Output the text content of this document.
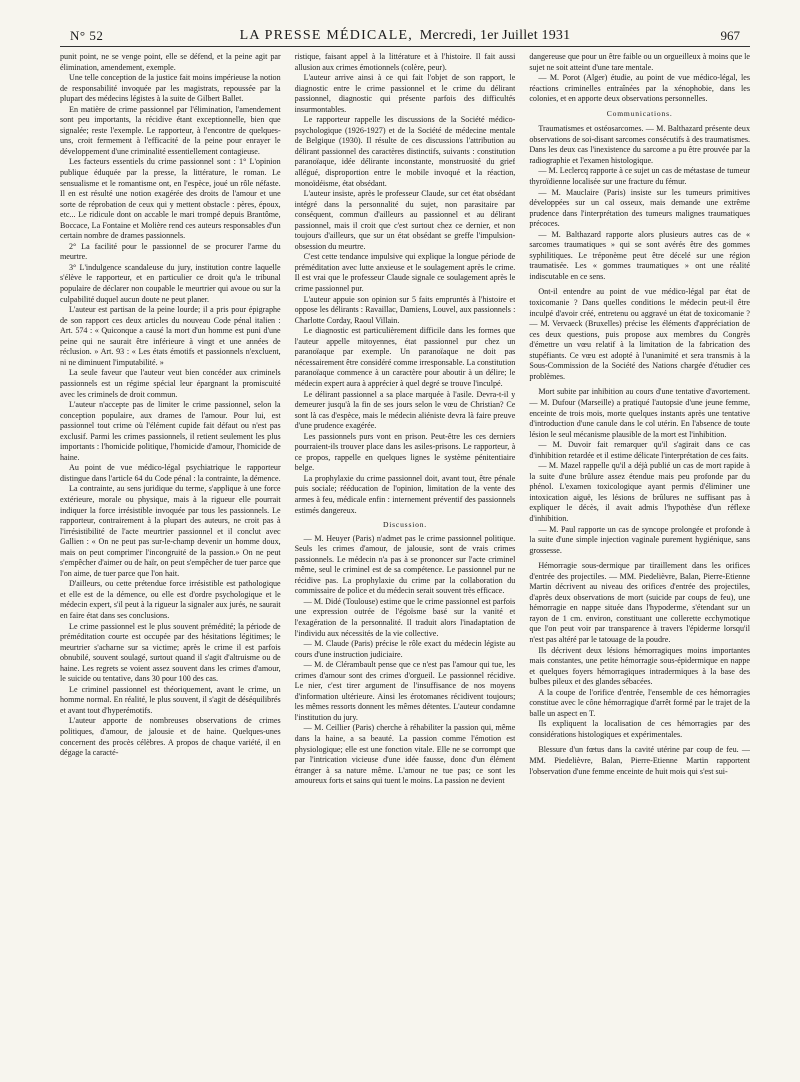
N° 52	LA PRESSE MÉDICALE, Mercredi, 1er Juillet 1931	967

punit point, ne se venge point, elle se défend, et la peine agit par élimination, amendement, exemple.

Une telle conception de la justice fait moins impérieuse la notion de responsabilité invoquée par les magistrats, repoussée par la plupart des médecins légistes à la suite de Gilbert Ballet.

En matière de crime passionnel par l'élimination, l'amendement sont peu importants, la récidive étant exceptionnelle, bien que signalée; reste l'exemple. Le rapporteur, à l'encontre de quelques-uns, croit fermement à l'efficacité de la peine pour enrayer le développement d'une criminalité essentiellement contagieuse.

Les facteurs essentiels du crime passionnel sont : 1° L'opinion publique éduquée par la presse, la littérature, le roman. Le sensualisme et le romantisme ont, en l'espèce, joué un rôle néfaste. Il en est résulté une notion exagérée des droits de l'amour et une sorte de réprobation de ceux qui y mettent obstacle : pères, époux, etc... Le ridicule dont on accable le mari trompé depuis Brantôme, Boccace, La Fontaine et Molière rend ces auteurs responsables d'un certain nombre de drames passionnels.

2° La facilité pour le passionnel de se procurer l'arme du meurtre.

3° L'indulgence scandaleuse du jury, institution contre laquelle s'élève le rapporteur, et en particulier ce droit qu'a le tribunal populaire de déclarer non coupable le meurtrier qui avoue ou sur la culpabilité duquel aucun doute ne peut planer.

L'auteur est partisan de la peine lourde; il a pris pour épigraphe de son rapport ces deux articles du nouveau Code pénal italien : Art. 574 : « Quiconque a causé la mort d'un homme est puni d'une peine qui ne saurait être inférieure à vingt et une années de réclusion. » Art. 93 : « Les états émotifs et passionnels n'excluent, ni ne diminuent l'imputabilité. »

La seule faveur que l'auteur veut bien concéder aux criminels passionnels est un régime spécial leur épargnant la promiscuité avec les criminels de droit commun.

L'auteur n'accepte pas de limiter le crime passionnel, selon la conception populaire, aux drames de l'amour. Pour lui, est passionnel tout crime où l'élément cupide fait défaut ou n'est pas exclusif. Parmi les crimes passionnels, il retient seulement les plus importants : l'homicide politique, l'homicide d'amour, l'homicide de haine.

Au point de vue médico-légal psychiatrique le rapporteur distingue dans l'article 64 du Code pénal : la contrainte, la démence.

La contrainte, au sens juridique du terme, s'applique à une force extérieure, morale ou physique, mais à la rigueur elle pourrait indiquer la force irrésistible invoquée par tous les passionnels. Le rapporteur, contrairement à la plupart des auteurs, ne croit pas à l'irrésistibilité de l'acte meurtrier passionnel et il conclut avec Gallien : « On ne peut pas sur-le-champ devenir un homme doux, mais on peut comprimer l'incongruité de la passion.» On ne peut s'empêcher d'aimer ou de haïr, on peut s'empêcher de tuer parce que l'on aime, de tuer parce que l'on hait.

D'ailleurs, ou cette prétendue force irrésistible est pathologique et elle est de la démence, ou elle est d'ordre psychologique et le médecin expert, s'il peut à la rigueur la signaler aux jurés, ne saurait en faire état dans ses conclusions.

Le crime passionnel est le plus souvent prémédité; la période de préméditation courte est occupée par des hésitations légitimes; le meurtrier s'acharne sur sa victime; après le crime il est parfois obnubilé, souvent soulagé, surtout quand il s'agit d'altruisme ou de haine. Les regrets se voient assez souvent dans les crimes d'amour, le suicide ou tentative, dans 30 pour 100 des cas.

Le criminel passionnel est théoriquement, avant le crime, un homme normal. En réalité, le plus souvent, il s'agit de déséquilibrés et avant tout d'hyperémotifs.

L'auteur apporte de nombreuses observations de crimes politiques, d'amour, de jalousie et de haine. Quelques-unes concernent des procès célèbres. A propos de chaque variété, il en dégage la caracté-

ristique, faisant appel à la littérature et à l'histoire. Il fait aussi allusion aux crimes émotionnels (colère, peur).

L'auteur arrive ainsi à ce qui fait l'objet de son rapport, le diagnostic entre le crime passionnel et le crime du délirant passionnel, diagnostic qui présente parfois des difficultés insurmontables.

Le rapporteur rappelle les discussions de la Société médico-psychologique (1926-1927) et de la Société de médecine mentale de Belgique (1930). Il résulte de ces discussions l'attribution au délirant passionnel des caractères distinctifs, suivants : constitution paranoïaque, idée délirante inconstante, monstruosité du grief allégué, disproportion entre le mobile invoqué et la réaction, monoïdéisme, état obsédant.

L'auteur insiste, après le professeur Claude, sur cet état obsédant intégré dans la personnalité du sujet, non parasitaire par conséquent, commun d'ailleurs au passionnel et au délirant passionnel, mais il croit que c'est surtout chez ce dernier, et non toujours d'ailleurs, que sur un état obsédant se greffe l'impulsion-obsession du meurtre.

C'est cette tendance impulsive qui explique la longue période de préméditation avec lutte anxieuse et le soulagement après le crime. Il est vrai que le professeur Claude signale ce soulagement après le crime passionnel pur.

L'auteur appuie son opinion sur 5 faits empruntés à l'histoire et oppose les délirants : Ravaillac, Damiens, Louvel, aux passionnels : Charlotte Corday, Raoul Villain.

Le diagnostic est particulièrement difficile dans les formes que l'auteur appelle mitoyennes, état passionnel pur chez un paranoïaque par exemple. Un paranoïaque ne doit pas nécessairement être considéré comme irresponsable. La constitution paranoïaque commence à un caractère pour aboutir à un délire; le médecin expert aura à apprécier à quel degré se trouve l'inculpé.

Le délirant passionnel a sa place marquée à l'asile. Devra-t-il y demeurer jusqu'à la fin de ses jours selon le vœu de Christian? Ce sont là cas d'espèce, mais le médecin aliéniste devra là faire preuve d'une prudence exagérée.

Les passionnels purs vont en prison. Peut-être les ces derniers pourraient-ils trouver place dans les asiles-prisons. Le rapporteur, à ce propos, rappelle en quelques lignes le système pénitentiaire belge.

La prophylaxie du crime passionnel doit, avant tout, être pénale puis sociale; rééducation de l'opinion, limitation de la vente des armes à feu, médicale enfin : internement préventif des passionnels estimés dangereux.

Discussion.

— M. Heuyer (Paris) n'admet pas le crime passionnel politique. Seuls les crimes d'amour, de jalousie, sont de vrais crimes passionnels. Le médecin n'a pas à se prononcer sur l'acte criminel même, seul le criminel est de sa compétence. Le passionnel pur ne récidive pas. La prophylaxie du crime par la collaboration du commissaire de police et du médecin serait souvent très efficace.

— M. Didé (Toulouse) estime que le crime passionnel est parfois une expression outrée de l'égoïsme basé sur la vanité et l'exagération de la personnalité. Il traduit alors l'inadaptation de l'individu aux nécessités de la vie collective.

— M. Claude (Paris) précise le rôle exact du médecin légiste au cours d'une instruction judiciaire.

— M. de Clérambault pense que ce n'est pas l'amour qui tue, les crimes d'amour sont des crimes d'orgueil. Le passionnel récidive. Le nier, c'est tirer argument de l'insuffisance de nos moyens d'information ultérieure. Ainsi les érotomanes récidivent toujours; les mêmes ressorts donnent les mêmes détentes. L'auteur condamne l'institution du jury.

— M. Ceillier (Paris) cherche à réhabiliter la passion qui, même dans la haine, a sa beauté. La passion comme l'émotion est physiologique; elle est une fonction vitale. Elle ne se corrompt que par l'intrication vicieuse d'une idée fausse, donc d'un élément étranger à sa nature même. L'amour ne tue pas; ce sont les amoureux forts et sains qui tuent le moins. La passion ne devient

dangereuse que pour un être faible ou un orgueilleux à moins que le sujet ne soit atteint d'une tare mentale.

— M. Porot (Alger) étudie, au point de vue médico-légal, les réactions criminelles entraînées par la xénophobie, dans les colonies, et en apporte deux observations personnelles.

Communications.

Traumatismes et ostéosarcomes. — M. Balthazard présente deux observations de soi-disant sarcomes consécutifs à des traumatismes. Dans les deux cas l'inexistence du sarcome a pu être prouvée par la radiographie et l'examen histologique.

— M. Leclercq rapporte à ce sujet un cas de métastase de tumeur thyroïdienne localisée sur une fracture du fémur.

— M. Mauclaire (Paris) insiste sur les tumeurs primitives développées sur un cal osseux, mais demande une extrême prudence dans l'interprétation des tumeurs malignes traumatiques précoces.

— M. Balthazard rapporte alors plusieurs autres cas de « sarcomes traumatiques » qui se sont avérés être des gommes syphilitiques. Le tréponème peut être décelé sur une région traumatisée. Les « gommes traumatiques » ont une réalité indiscutable en ce sens.

Ont-il entendre au point de vue médico-légal par état de toxicomanie ? Dans quelles conditions le médecin peut-il être inculpé d'avoir créé, entretenu ou aggravé un état de toxicomanie ? — M. Vervaeck (Bruxelles) précise les éléments d'appréciation de ces deux questions, puis propose aux membres du Congrès d'émettre un vœu relatif à la limitation de la fabrication des stupéfiants. Ce vœu est adopté à l'unanimité et sera transmis à la Sous-Commission de la Société des Nations chargée d'étudier ces problèmes.

Mort subite par inhibition au cours d'une tentative d'avortement. — M. Dufour (Marseille) a pratiqué l'autopsie d'une jeune femme, enceinte de trois mois, morte quelques instants après une tentative d'introduction d'une canule dans le col utérin. En l'absence de toute lésion le seul mécanisme plausible de la mort est l'inhibition.

— M. Duvoir fait remarquer qu'il s'agirait dans ce cas d'inhibition retardée et il estime délicate l'interprétation de ces faits.

— M. Mazel rappelle qu'il a déjà publié un cas de mort rapide à la suite d'une brûlure assez étendue mais peu profonde par du phénol. L'examen toxicologique ayant permis d'éliminer une intoxication aiguë, les lésions de brûlures ne suffisant pas à expliquer le décès, il avait admis l'hypothèse d'un réflexe d'inhibition.

— M. Paul rapporte un cas de syncope prolongée et profonde à la suite d'une simple injection vaginale purement hygiénique, sans grossesse.

Hémorragie sous-dermique par tiraillement dans les orifices d'entrée des projectiles. — MM. Piedelièvre, Balan, Pierre-Etienne Martin décrivent au niveau des orifices d'entrée des projectiles, d'après deux observations de mort (suicide par coups de feu), une hémorragie en nappe située dans l'hypoderme, s'étendant sur un rayon de 1 cm. environ, constituant une collerette ecchymotique que l'on peut voir par transparence à travers l'épiderme lorsqu'il n'est pas altéré par le tatouage de la poudre.

Ils décrivent deux lésions hémorragiques moins importantes mais constantes, une petite hémorragie sous-épidermique en nappe et quelques foyers hémorragiques intradermiques à la base des bulbes pileux et des glandes sébacées.

A la coupe de l'orifice d'entrée, l'ensemble de ces hémorragies constitue avec le cône hémorragique d'arrêt formé par le trajet de la balle un aspect en T.

Ils expliquent la localisation de ces hémorragies par des considérations histologiques et expérimentales.

Blessure d'un fœtus dans la cavité utérine par coup de feu. — MM. Piedelièvre, Balan, Pierre-Etienne Martin rapportent l'observation d'une femme enceinte de huit mois qui s'est sui-
